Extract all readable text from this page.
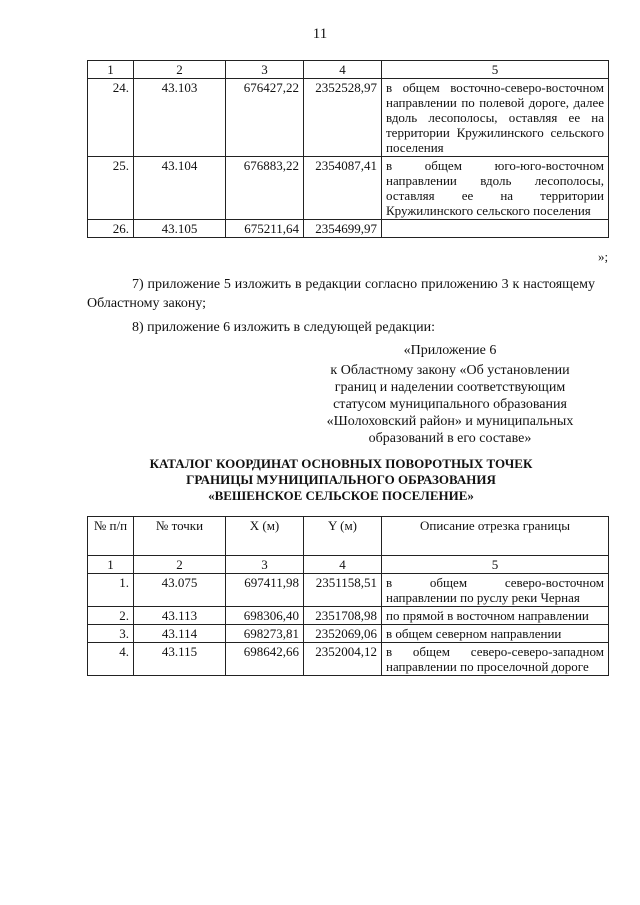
11
1	2	3	4	5
24.	43.103	676427,22	2352528,97	в общем восточно-северо-восточном направлении по полевой дороге, далее вдоль лесополосы, оставляя ее на территории Кружилинского сельского поселения
25.	43.104	676883,22	2354087,41	в общем юго-юго-восточном направлении вдоль лесополосы, оставляя ее на территории Кружилинского сельского поселения
26.	43.105	675211,64	2354699,97	
»;
7) приложение 5 изложить в редакции согласно приложению 3 к настоящему Областному закону;
8) приложение 6 изложить в следующей редакции:
«Приложение 6
к Областному закону «Об установлении границ и наделении соответствующим статусом муниципального образования «Шолоховский район» и муниципальных образований в его составе»
КАТАЛОГ КООРДИНАТ ОСНОВНЫХ ПОВОРОТНЫХ ТОЧЕК
ГРАНИЦЫ МУНИЦИПАЛЬНОГО ОБРАЗОВАНИЯ
«ВЕШЕНСКОЕ СЕЛЬСКОЕ ПОСЕЛЕНИЕ»
№ п/п	№ точки	X (м)	Y (м)	Описание отрезка границы
1	2	3	4	5
1.	43.075	697411,98	2351158,51	в общем северо-восточном направлении по руслу реки Черная
2.	43.113	698306,40	2351708,98	по прямой в восточном направлении
3.	43.114	698273,81	2352069,06	в общем северном направлении
4.	43.115	698642,66	2352004,12	в общем северо-северо-западном направлении по проселочной дороге
